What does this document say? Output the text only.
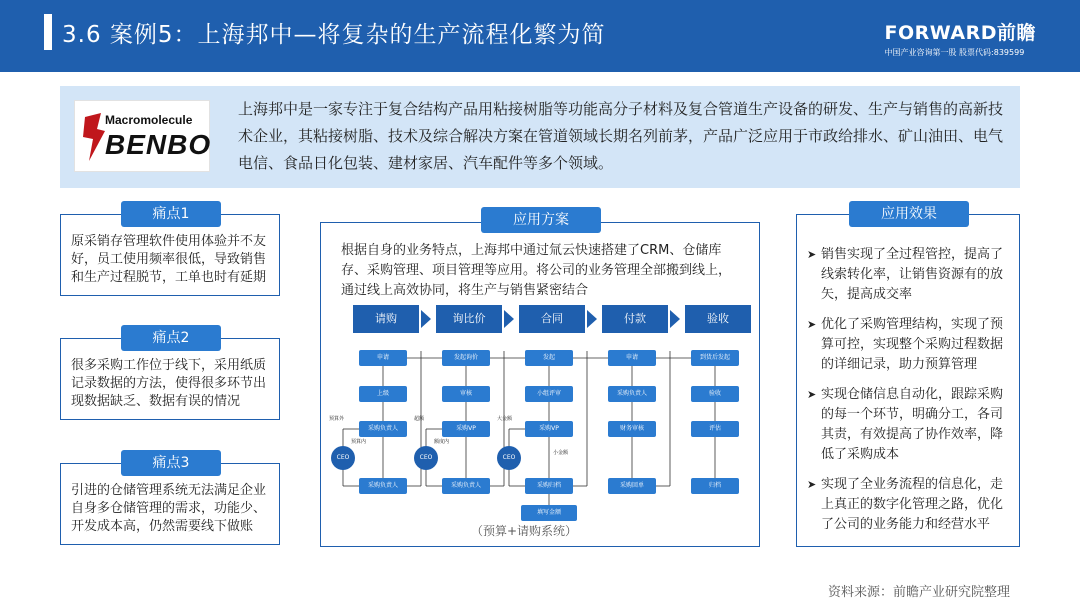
3.6 案例5：上海邦中—将复杂的生产流程化繁为简	FORWARD前瞻
中国产业咨询第一股 股票代码:839599
Macromolecule
BENBO
上海邦中是一家专注于复合结构产品用粘接树脂等功能高分子材料及复合管道生产设备的研发、生产与销售的高新技术企业，其粘接树脂、技术及综合解决方案在管道领域长期名列前茅，产品广泛应用于市政给排水、矿山油田、电气电信、食品日化包装、建材家居、汽车配件等多个领域。
痛点1
原采销存管理软件使用体验并不友好，员工使用频率很低，导致销售和生产过程脱节，工单也时有延期
痛点2
很多采购工作位于线下，采用纸质记录数据的方法，使得很多环节出现数据缺乏、数据有误的情况
痛点3
引进的仓储管理系统无法满足企业自身多仓储管理的需求，功能少、开发成本高，仍然需要线下做账
应用方案
根据自身的业务特点，上海邦中通过氚云快速搭建了CRM、仓储库存、采购管理、项目管理等应用。将公司的业务管理全部搬到线上，通过线上高效协同，将生产与销售紧密结合
请购	询比价	合同	付款	验收
申请
上级
采购负责人
CEO
采购负责人
预算外
预算内
发起询价
审核
采购VP
CEO
采购负责人
超额
额度内
发起
小组评审
采购VP
CEO
采购归档
大金额
小金额
填写金额
申请
采购负责人
财务审核
采购回单
到货后发起
验收
评估
归档
（预算+请购系统）
应用效果
➤ 销售实现了全过程管控，提高了线索转化率，让销售资源有的放矢，提高成交率
➤ 优化了采购管理结构，实现了预算可控，实现整个采购过程数据的详细记录，助力预算管理
➤ 实现仓储信息自动化，跟踪采购的每一个环节，明确分工，各司其责，有效提高了协作效率，降低了采购成本
➤ 实现了全业务流程的信息化，走上真正的数字化管理之路，优化了公司的业务能力和经营水平
资料来源：前瞻产业研究院整理
